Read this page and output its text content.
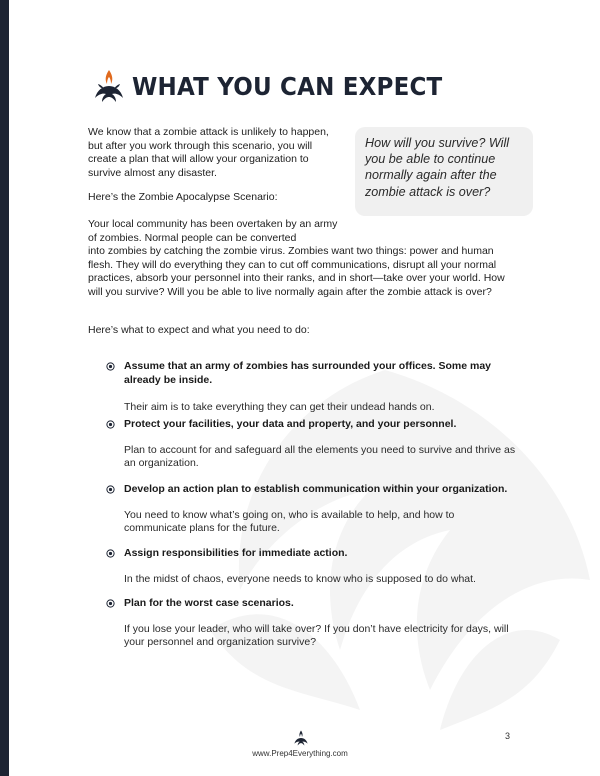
WHAT YOU CAN EXPECT

We know that a zombie attack is unlikely to happen, but after you work through this scenario, you will create a plan that will allow your organization to survive almost any disaster.

How will you survive? Will you be able to continue normally again after the zombie attack is over?

Here’s the Zombie Apocalypse Scenario:

Your local community has been overtaken by an army of zombies. Normal people can be converted

into zombies by catching the zombie virus. Zombies want two things: power and human flesh. They will do everything they can to cut off communications, disrupt all your normal practices, absorb your personnel into their ranks, and in short—take over your world. How will you survive? Will you be able to live normally again after the zombie attack is over?

Here’s what to expect and what you need to do:

Assume that an army of zombies has surrounded your offices. Some may already be inside.
Their aim is to take everything they can get their undead hands on.
Protect your facilities, your data and property, and your personnel.
Plan to account for and safeguard all the elements you need to survive and thrive as an organization.
Develop an action plan to establish communication within your organization.
You need to know what’s going on, who is available to help, and how to communicate plans for the future.
Assign responsibilities for immediate action.
In the midst of chaos, everyone needs to know who is supposed to do what.
Plan for the worst case scenarios.
If you lose your leader, who will take over? If you don’t have electricity for days, will your personnel and organization survive?
3
www.Prep4Everything.com
